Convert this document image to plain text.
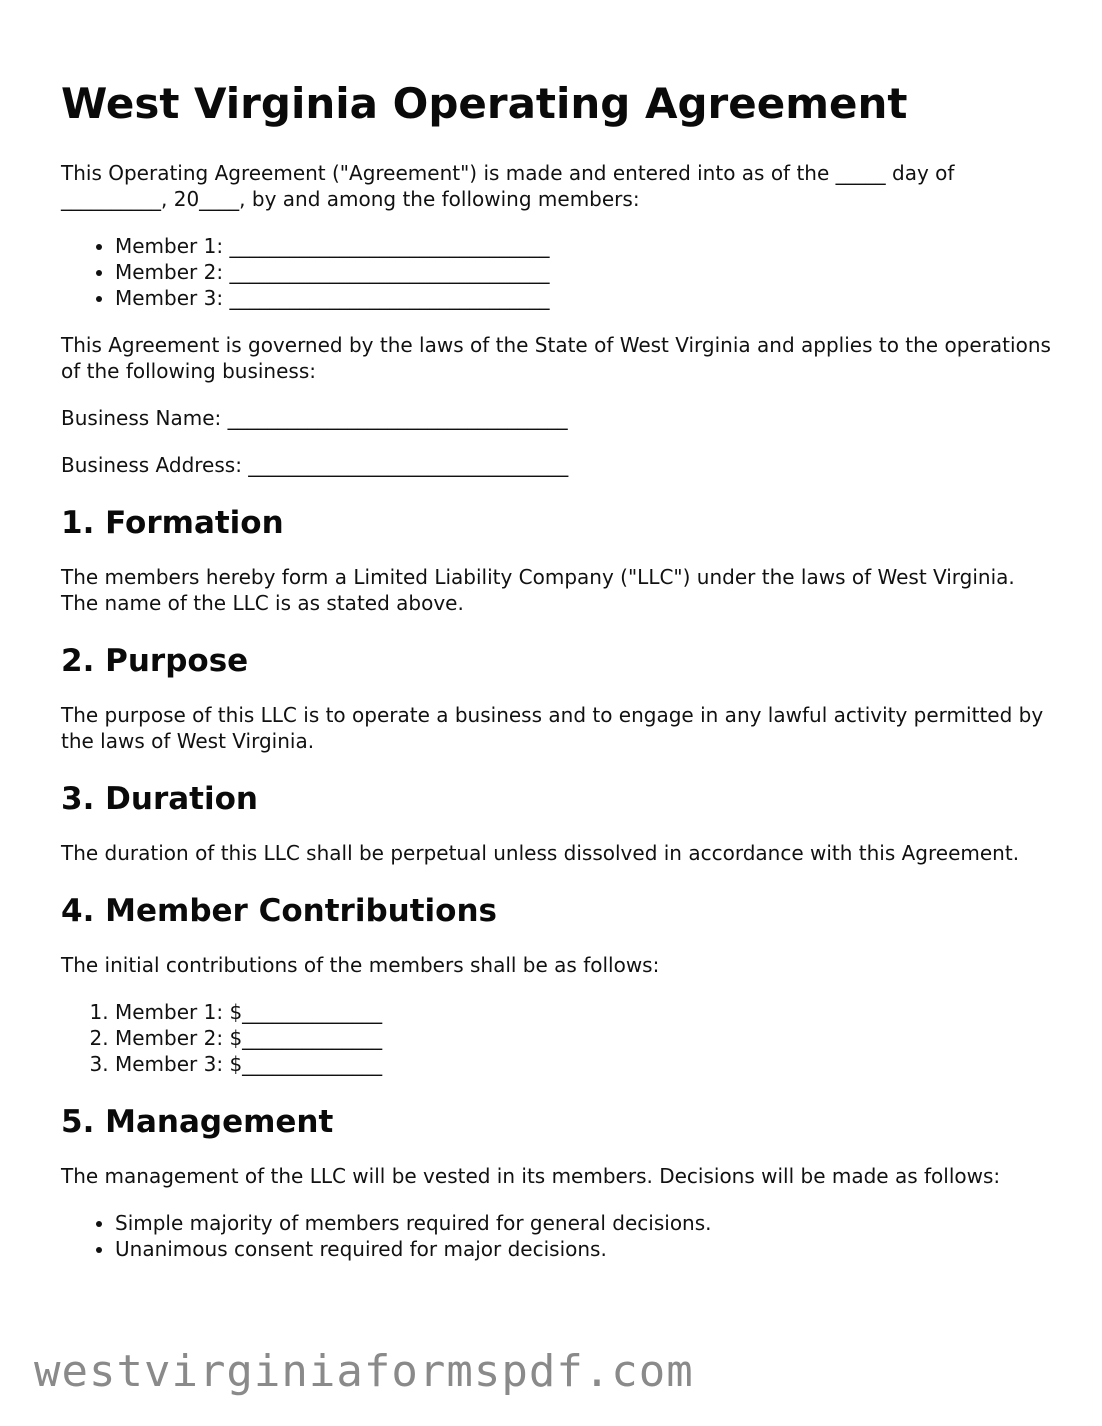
West Virginia Operating Agreement

This Operating Agreement ("Agreement") is made and entered into as of the _____ day of __________, 20____, by and among the following members:

• Member 1: ________________________________
• Member 2: ________________________________
• Member 3: ________________________________

This Agreement is governed by the laws of the State of West Virginia and applies to the operations of the following business:

Business Name: __________________________________

Business Address: ________________________________

1. Formation

The members hereby form a Limited Liability Company ("LLC") under the laws of West Virginia. The name of the LLC is as stated above.

2. Purpose

The purpose of this LLC is to operate a business and to engage in any lawful activity permitted by the laws of West Virginia.

3. Duration

The duration of this LLC shall be perpetual unless dissolved in accordance with this Agreement.

4. Member Contributions

The initial contributions of the members shall be as follows:

1. Member 1: $______________
2. Member 2: $______________
3. Member 3: $______________
5. Management

The management of the LLC will be vested in its members. Decisions will be made as follows:

• Simple majority of members required for general decisions.
• Unanimous consent required for major decisions.
westvirginiaformspdf.com
